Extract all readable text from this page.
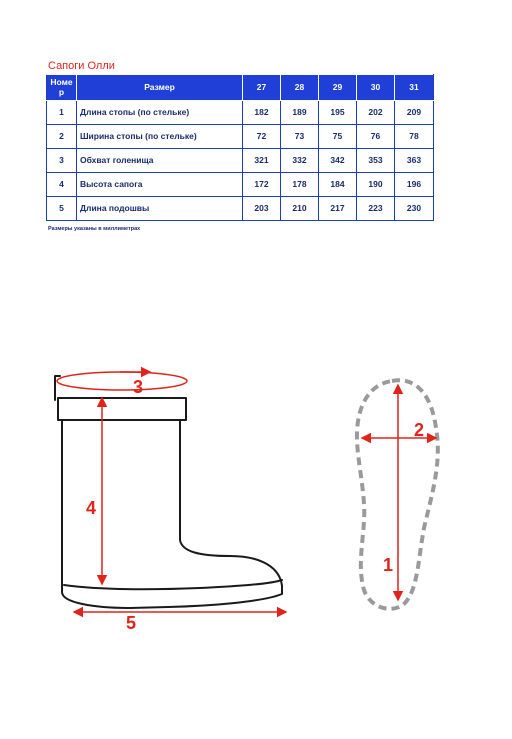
Сапоги Олли
Номер	Размер	27	28	29	30	31
1	Длина стопы (по стельке)	182	189	195	202	209
2	Ширина стопы (по стельке)	72	73	75	76	78
3	Обхват голенища	321	332	342	353	363
4	Высота сапога	172	178	184	190	196
5	Длина подошвы	203	210	217	223	230
Размеры указаны в миллиметрах
3
4
5
1
2
